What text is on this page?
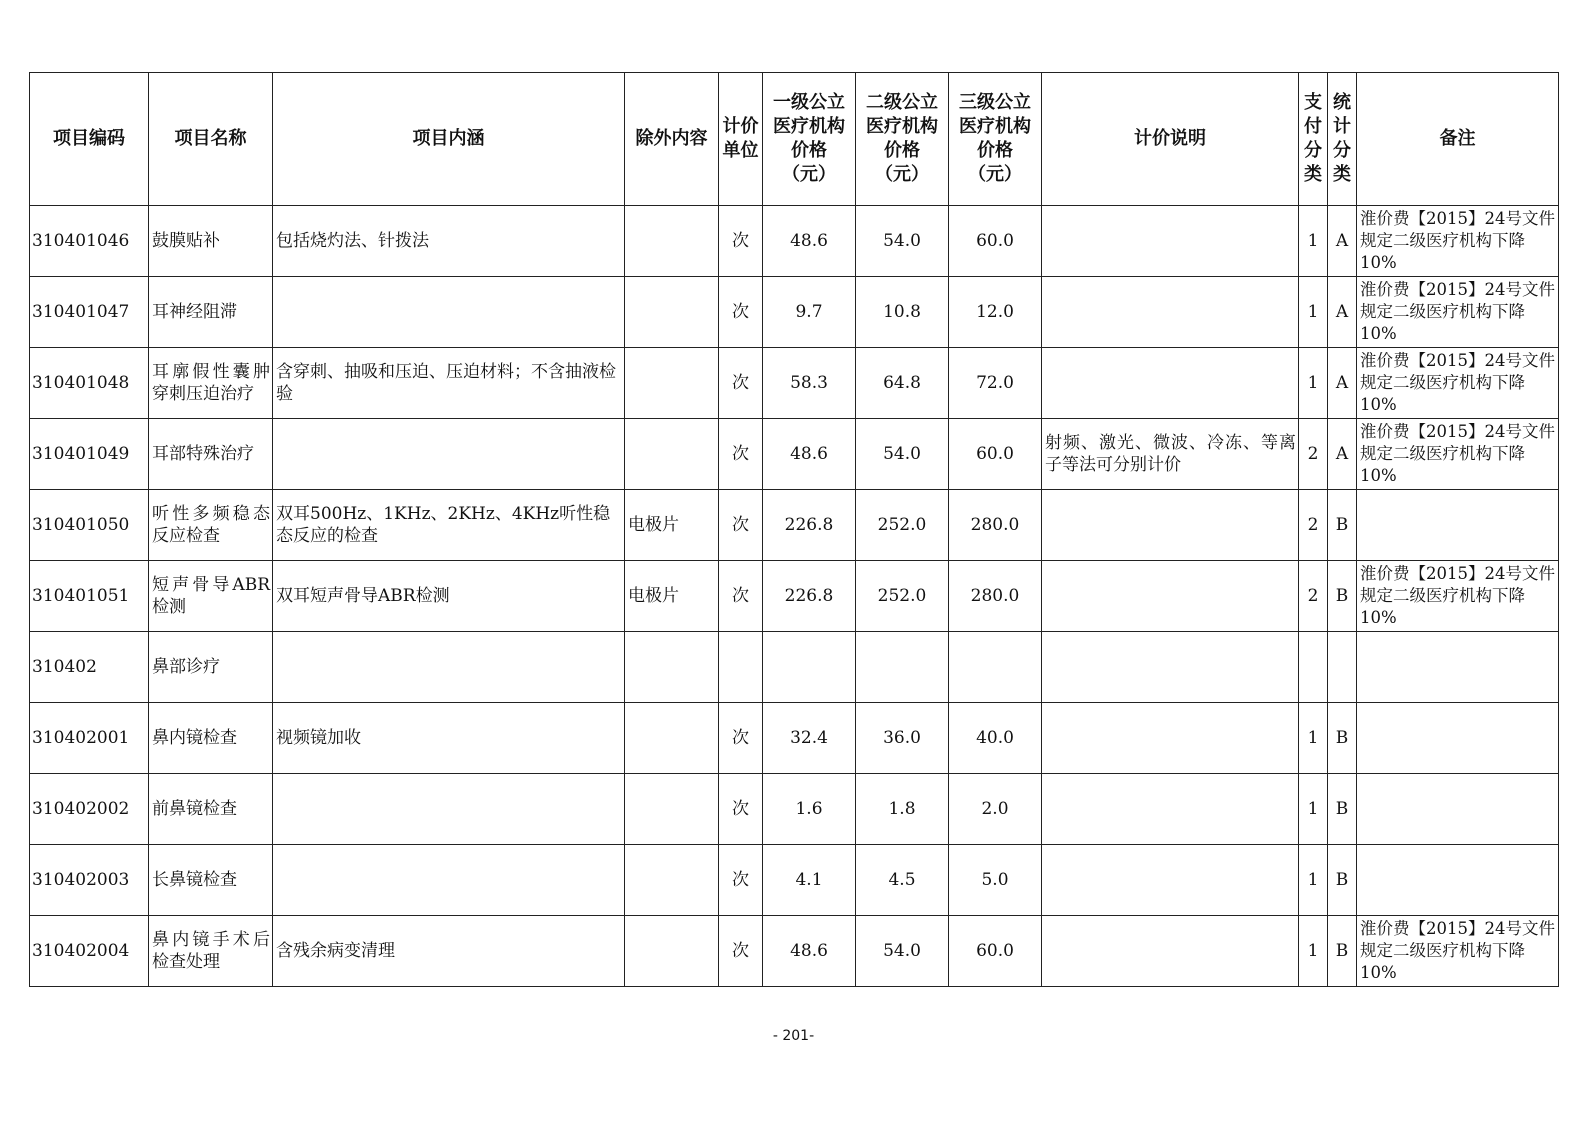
项目编码	项目名称	项目内涵	除外内容	计价单位	一级公立医疗机构价格（元）	二级公立医疗机构价格（元）	三级公立医疗机构价格（元）	计价说明	支付分类	统计分类	备注
310401046	鼓膜贴补	包括烧灼法、针拨法		次	48.6	54.0	60.0		1	A	淮价费【2015】24号文件规定二级医疗机构下降10%
310401047	耳神经阻滞			次	9.7	10.8	12.0		1	A	淮价费【2015】24号文件规定二级医疗机构下降10%
310401048	耳廓假性囊肿穿刺压迫治疗	含穿刺、抽吸和压迫、压迫材料；不含抽液检验		次	58.3	64.8	72.0		1	A	淮价费【2015】24号文件规定二级医疗机构下降10%
310401049	耳部特殊治疗			次	48.6	54.0	60.0	射频、激光、微波、冷冻、等离子等法可分别计价	2	A	淮价费【2015】24号文件规定二级医疗机构下降10%
310401050	听性多频稳态反应检查	双耳500Hz、1KHz、2KHz、4KHz听性稳态反应的检查	电极片	次	226.8	252.0	280.0		2	B	
310401051	短声骨导ABR检测	双耳短声骨导ABR检测	电极片	次	226.8	252.0	280.0		2	B	淮价费【2015】24号文件规定二级医疗机构下降10%
310402	鼻部诊疗										
310402001	鼻内镜检查	视频镜加收		次	32.4	36.0	40.0		1	B	
310402002	前鼻镜检查			次	1.6	1.8	2.0		1	B	
310402003	长鼻镜检查			次	4.1	4.5	5.0		1	B	
310402004	鼻内镜手术后检查处理	含残余病变清理		次	48.6	54.0	60.0		1	B	淮价费【2015】24号文件规定二级医疗机构下降10%
- 201-
